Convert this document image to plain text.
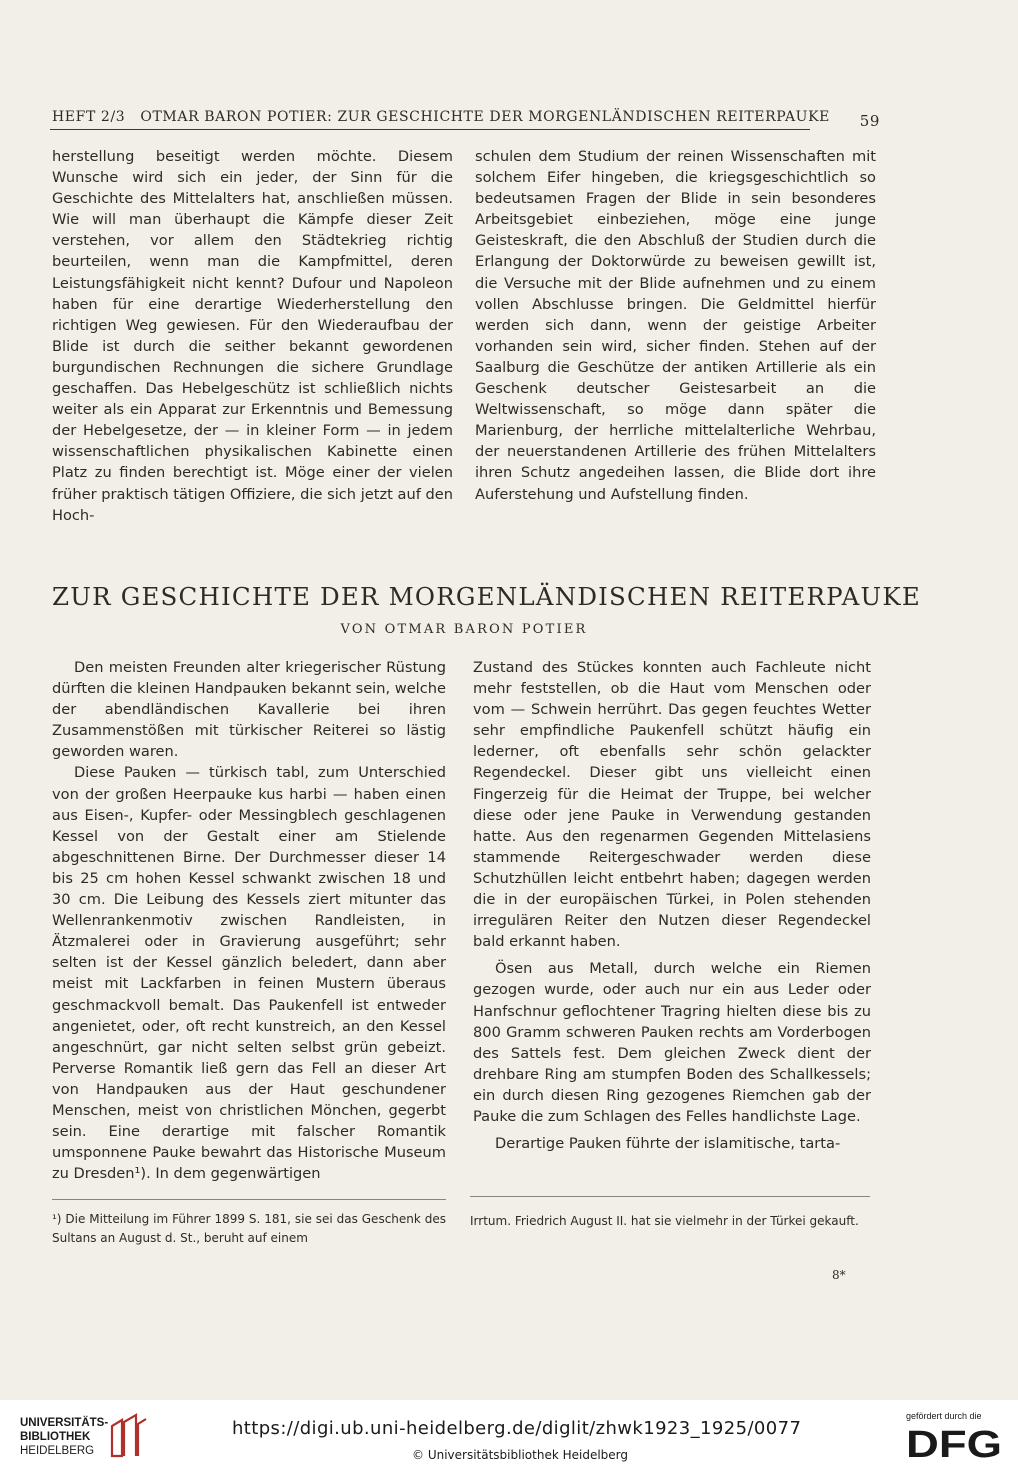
HEFT 2/3   OTMAR BARON POTIER: ZUR GESCHICHTE DER MORGENLÄNDISCHEN REITERPAUKE 59

herstellung beseitigt werden möchte. Diesem Wunsche wird sich ein jeder, der Sinn für die Geschichte des Mittelalters hat, anschließen müssen. Wie will man überhaupt die Kämpfe dieser Zeit verstehen, vor allem den Städtekrieg richtig beurteilen, wenn man die Kampfmittel, deren Leistungsfähigkeit nicht kennt? Dufour und Napoleon haben für eine derartige Wiederherstellung den richtigen Weg gewiesen. Für den Wiederaufbau der Blide ist durch die seither bekannt gewordenen burgundischen Rechnungen die sichere Grundlage geschaffen. Das Hebelgeschütz ist schließlich nichts weiter als ein Apparat zur Erkenntnis und Bemessung der Hebelgesetze, der — in kleiner Form — in jedem wissenschaftlichen physikalischen Kabinette einen Platz zu finden berechtigt ist. Möge einer der vielen früher praktisch tätigen Offiziere, die sich jetzt auf den Hoch-

schulen dem Studium der reinen Wissenschaften mit solchem Eifer hingeben, die kriegsgeschichtlich so bedeutsamen Fragen der Blide in sein besonderes Arbeitsgebiet einbeziehen, möge eine junge Geisteskraft, die den Abschluß der Studien durch die Erlangung der Doktorwürde zu beweisen gewillt ist, die Versuche mit der Blide aufnehmen und zu einem vollen Abschlusse bringen. Die Geldmittel hierfür werden sich dann, wenn der geistige Arbeiter vorhanden sein wird, sicher finden. Stehen auf der Saalburg die Geschütze der antiken Artillerie als ein Geschenk deutscher Geistesarbeit an die Weltwissenschaft, so möge dann später die Marienburg, der herrliche mittelalterliche Wehrbau, der neuerstandenen Artillerie des frühen Mittelalters ihren Schutz angedeihen lassen, die Blide dort ihre Auferstehung und Aufstellung finden.

ZUR GESCHICHTE DER MORGENLÄNDISCHEN REITERPAUKE
VON OTMAR BARON POTIER

Den meisten Freunden alter kriegerischer Rüstung dürften die kleinen Handpauken bekannt sein, welche der abendländischen Kavallerie bei ihren Zusammenstößen mit türkischer Reiterei so lästig geworden waren.

Diese Pauken — türkisch tabl, zum Unterschied von der großen Heerpauke kus harbi — haben einen aus Eisen-, Kupfer- oder Messingblech geschlagenen Kessel von der Gestalt einer am Stielende abgeschnittenen Birne. Der Durchmesser dieser 14 bis 25 cm hohen Kessel schwankt zwischen 18 und 30 cm. Die Leibung des Kessels ziert mitunter das Wellenrankenmotiv zwischen Randleisten, in Ätzmalerei oder in Gravierung ausgeführt; sehr selten ist der Kessel gänzlich beledert, dann aber meist mit Lackfarben in feinen Mustern überaus geschmackvoll bemalt. Das Paukenfell ist entweder angenietet, oder, oft recht kunstreich, an den Kessel angeschnürt, gar nicht selten selbst grün gebeizt. Perverse Romantik ließ gern das Fell an dieser Art von Handpauken aus der Haut geschundener Menschen, meist von christlichen Mönchen, gegerbt sein. Eine derartige mit falscher Romantik umsponnene Pauke bewahrt das Historische Museum zu Dresden¹). In dem gegenwärtigen

Zustand des Stückes konnten auch Fachleute nicht mehr feststellen, ob die Haut vom Menschen oder vom — Schwein herrührt. Das gegen feuchtes Wetter sehr empfindliche Paukenfell schützt häufig ein lederner, oft ebenfalls sehr schön gelackter Regendeckel. Dieser gibt uns vielleicht einen Fingerzeig für die Heimat der Truppe, bei welcher diese oder jene Pauke in Verwendung gestanden hatte. Aus den regenarmen Gegenden Mittelasiens stammende Reitergeschwader werden diese Schutzhüllen leicht entbehrt haben; dagegen werden die in der europäischen Türkei, in Polen stehenden irregulären Reiter den Nutzen dieser Regendeckel bald erkannt haben.

Ösen aus Metall, durch welche ein Riemen gezogen wurde, oder auch nur ein aus Leder oder Hanfschnur geflochtener Tragring hielten diese bis zu 800 Gramm schweren Pauken rechts am Vorderbogen des Sattels fest. Dem gleichen Zweck dient der drehbare Ring am stumpfen Boden des Schallkessels; ein durch diesen Ring gezogenes Riemchen gab der Pauke die zum Schlagen des Felles handlichste Lage.

Derartige Pauken führte der islamitische, tarta-

¹) Die Mitteilung im Führer 1899 S. 181, sie sei das Geschenk des Sultans an August d. St., beruht auf einem
Irrtum. Friedrich August II. hat sie vielmehr in der Türkei gekauft.
8*
UNIVERSITÄTS-
BIBLIOTHEK
HEIDELBERG
https://digi.ub.uni-heidelberg.de/diglit/zhwk1923_1925/0077
© Universitätsbibliothek Heidelberg
gefördert durch die
DFG
